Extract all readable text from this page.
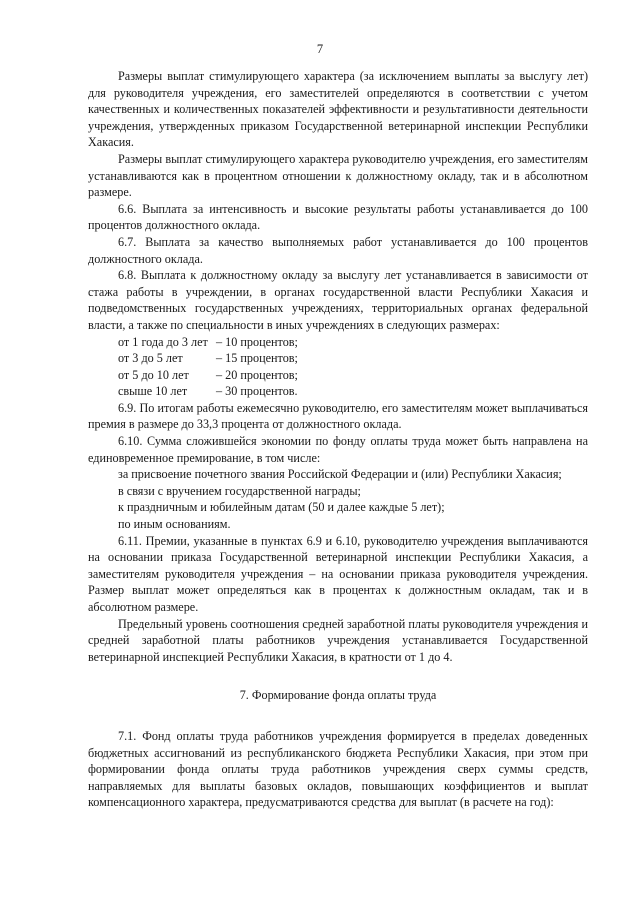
7

Размеры выплат стимулирующего характера (за исключением выплаты за выслугу лет) для руководителя учреждения, его заместителей определяются в соответствии с учетом качественных и количественных показателей эффективности и результативности деятельности учреждения, утвержденных приказом Государственной ветеринарной инспекции Республики Хакасия.

Размеры выплат стимулирующего характера руководителю учреждения, его заместителям устанавливаются как в процентном отношении к должностному окладу, так и в абсолютном размере.

6.6. Выплата за интенсивность и высокие результаты работы устанавливается до 100 процентов должностного оклада.

6.7. Выплата за качество выполняемых работ устанавливается до 100 процентов должностного оклада.

6.8. Выплата к должностному окладу за выслугу лет устанавливается в зависимости от стажа работы в учреждении, в органах государственной власти Республики Хакасия и подведомственных государственных учреждениях, территориальных органах федеральной власти, а также по специальности в иных учреждениях в следующих размерах:

от 1 года до 3 лет – 10 процентов;
от 3 до 5 лет	– 15 процентов;
от 5 до 10 лет	– 20 процентов;
свыше 10 лет	– 30 процентов.

6.9. По итогам работы ежемесячно руководителю, его заместителям может выплачиваться премия в размере до 33,3 процента от должностного оклада.

6.10. Сумма сложившейся экономии по фонду оплаты труда может быть направлена на единовременное премирование, в том числе:

за присвоение почетного звания Российской Федерации и (или) Республики Хакасия;

в связи с вручением государственной награды;

к праздничным и юбилейным датам (50 и далее каждые 5 лет);

по иным основаниям.

6.11. Премии, указанные в пунктах 6.9 и 6.10, руководителю учреждения выплачиваются на основании приказа Государственной ветеринарной инспекции Республики Хакасия, а заместителям руководителя учреждения – на основании приказа руководителя учреждения. Размер выплат может определяться как в процентах к должностным окладам, так и в абсолютном размере.

Предельный уровень соотношения средней заработной платы руководителя учреждения и средней заработной платы работников учреждения устанавливается Государственной ветеринарной инспекцией Республики Хакасия, в кратности от 1 до 4.

7. Формирование фонда оплаты труда

7.1. Фонд оплаты труда работников учреждения формируется в пределах доведенных бюджетных ассигнований из республиканского бюджета Республики Хакасия, при этом при формировании фонда оплаты труда работников учреждения сверх суммы средств, направляемых для выплаты базовых окладов, повышающих коэффициентов и выплат компенсационного характера, предусматриваются средства для выплат (в расчете на год):
